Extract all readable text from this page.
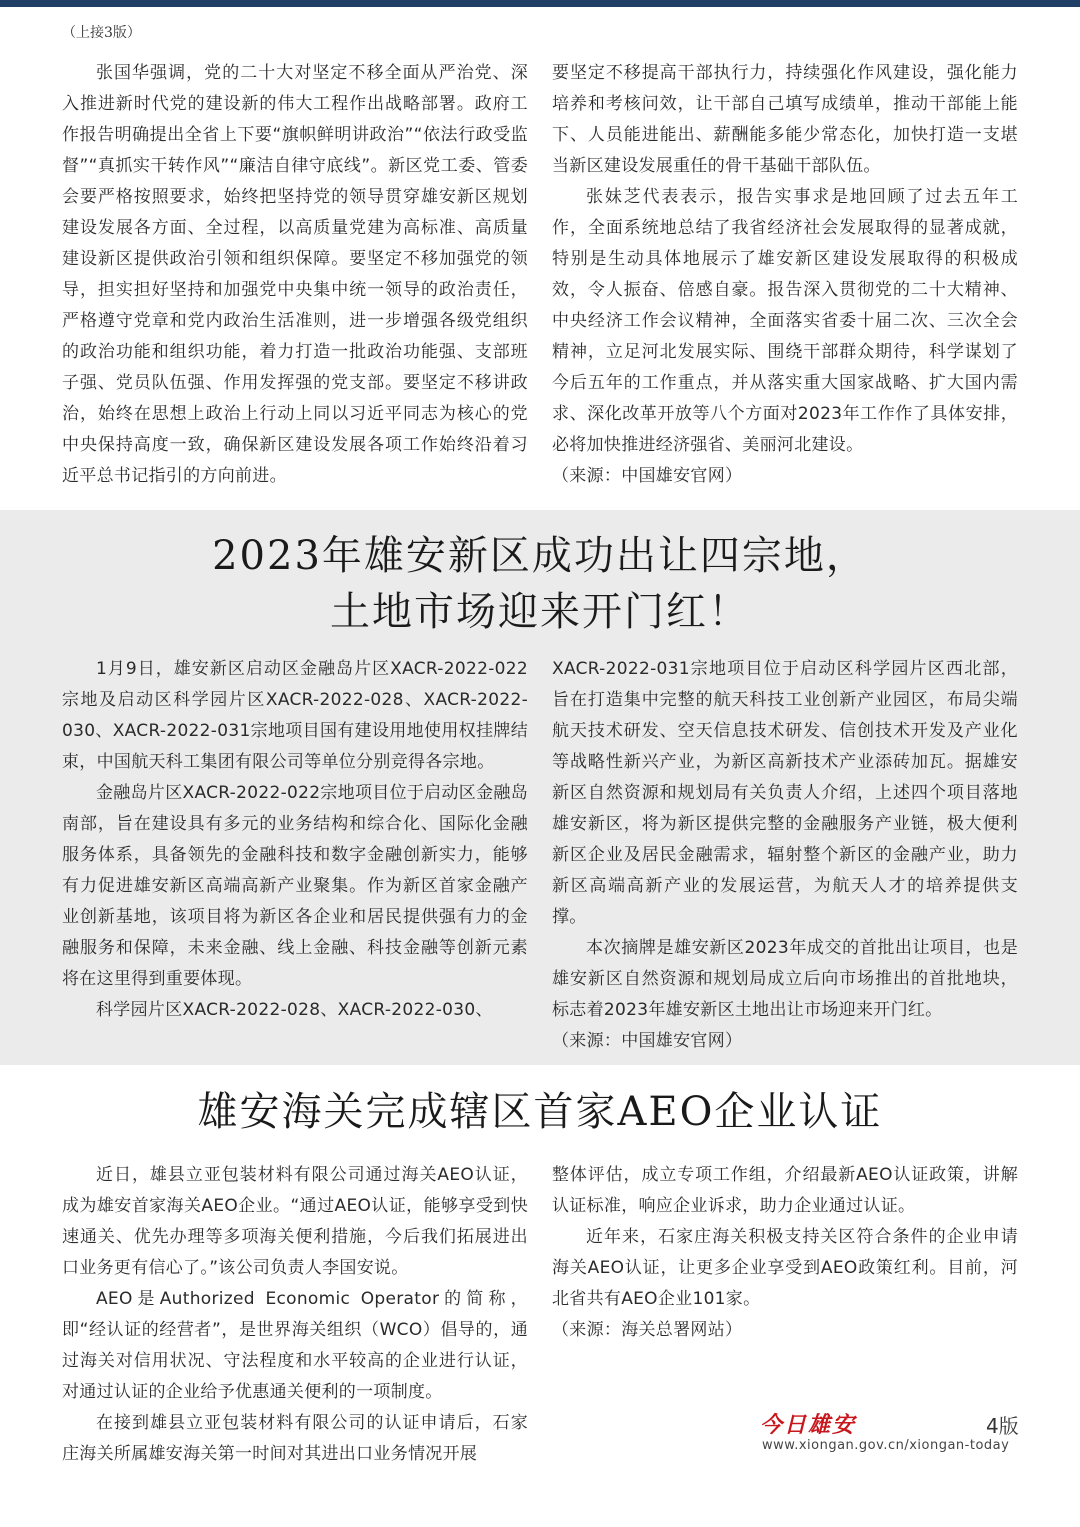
（上接3版）

张国华强调，党的二十大对坚定不移全面从严治党、深入推进新时代党的建设新的伟大工程作出战略部署。政府工作报告明确提出全省上下要“旗帜鲜明讲政治”“依法行政受监督”“真抓实干转作风”“廉洁自律守底线”。新区党工委、管委会要严格按照要求，始终把坚持党的领导贯穿雄安新区规划建设发展各方面、全过程，以高质量党建为高标准、高质量建设新区提供政治引领和组织保障。要坚定不移加强党的领导，担实担好坚持和加强党中央集中统一领导的政治责任，严格遵守党章和党内政治生活准则，进一步增强各级党组织的政治功能和组织功能，着力打造一批政治功能强、支部班子强、党员队伍强、作用发挥强的党支部。要坚定不移讲政治，始终在思想上政治上行动上同以习近平同志为核心的党中央保持高度一致，确保新区建设发展各项工作始终沿着习近平总书记指引的方向前进。

要坚定不移提高干部执行力，持续强化作风建设，强化能力培养和考核问效，让干部自己填写成绩单，推动干部能上能下、人员能进能出、薪酬能多能少常态化，加快打造一支堪当新区建设发展重任的骨干基础干部队伍。

张妹芝代表表示，报告实事求是地回顾了过去五年工作，全面系统地总结了我省经济社会发展取得的显著成就，特别是生动具体地展示了雄安新区建设发展取得的积极成效，令人振奋、倍感自豪。报告深入贯彻党的二十大精神、中央经济工作会议精神，全面落实省委十届二次、三次全会精神，立足河北发展实际、围绕干部群众期待，科学谋划了今后五年的工作重点，并从落实重大国家战略、扩大国内需求、深化改革开放等八个方面对2023年工作作了具体安排，必将加快推进经济强省、美丽河北建设。

（来源：中国雄安官网）

2023年雄安新区成功出让四宗地，
土地市场迎来开门红！

1月9日，雄安新区启动区金融岛片区XACR-2022-022宗地及启动区科学园片区XACR-2022-028、XACR-2022-030、XACR-2022-031宗地项目国有建设用地使用权挂牌结束，中国航天科工集团有限公司等单位分别竞得各宗地。

金融岛片区XACR-2022-022宗地项目位于启动区金融岛南部，旨在建设具有多元的业务结构和综合化、国际化金融服务体系，具备领先的金融科技和数字金融创新实力，能够有力促进雄安新区高端高新产业聚集。作为新区首家金融产业创新基地，该项目将为新区各企业和居民提供强有力的金融服务和保障，未来金融、线上金融、科技金融等创新元素将在这里得到重要体现。

科学园片区XACR-2022-028、XACR-2022-030、

XACR-2022-031宗地项目位于启动区科学园片区西北部，旨在打造集中完整的航天科技工业创新产业园区，布局尖端航天技术研发、空天信息技术研发、信创技术开发及产业化等战略性新兴产业，为新区高新技术产业添砖加瓦。据雄安新区自然资源和规划局有关负责人介绍，上述四个项目落地雄安新区，将为新区提供完整的金融服务产业链，极大便利新区企业及居民金融需求，辐射整个新区的金融产业，助力新区高端高新产业的发展运营，为航天人才的培养提供支撑。

本次摘牌是雄安新区2023年成交的首批出让项目，也是雄安新区自然资源和规划局成立后向市场推出的首批地块，标志着2023年雄安新区土地出让市场迎来开门红。

（来源：中国雄安官网）

雄安海关完成辖区首家AEO企业认证

近日，雄县立亚包装材料有限公司通过海关AEO认证，成为雄安首家海关AEO企业。“通过AEO认证，能够享受到快速通关、优先办理等多项海关便利措施，今后我们拓展进出口业务更有信心了。”该公司负责人李国安说。

AEO是Authorized Economic Operator的简称，即“经认证的经营者”，是世界海关组织（WCO）倡导的，通过海关对信用状况、守法程度和水平较高的企业进行认证，对通过认证的企业给予优惠通关便利的一项制度。

在接到雄县立亚包装材料有限公司的认证申请后，石家庄海关所属雄安海关第一时间对其进出口业务情况开展

整体评估，成立专项工作组，介绍最新AEO认证政策，讲解认证标准，响应企业诉求，助力企业通过认证。

近年来，石家庄海关积极支持关区符合条件的企业申请海关AEO认证，让更多企业享受到AEO政策红利。目前，河北省共有AEO企业101家。

（来源：海关总署网站）

今日雄安	4版
www.xiongan.gov.cn/xiongan-today
